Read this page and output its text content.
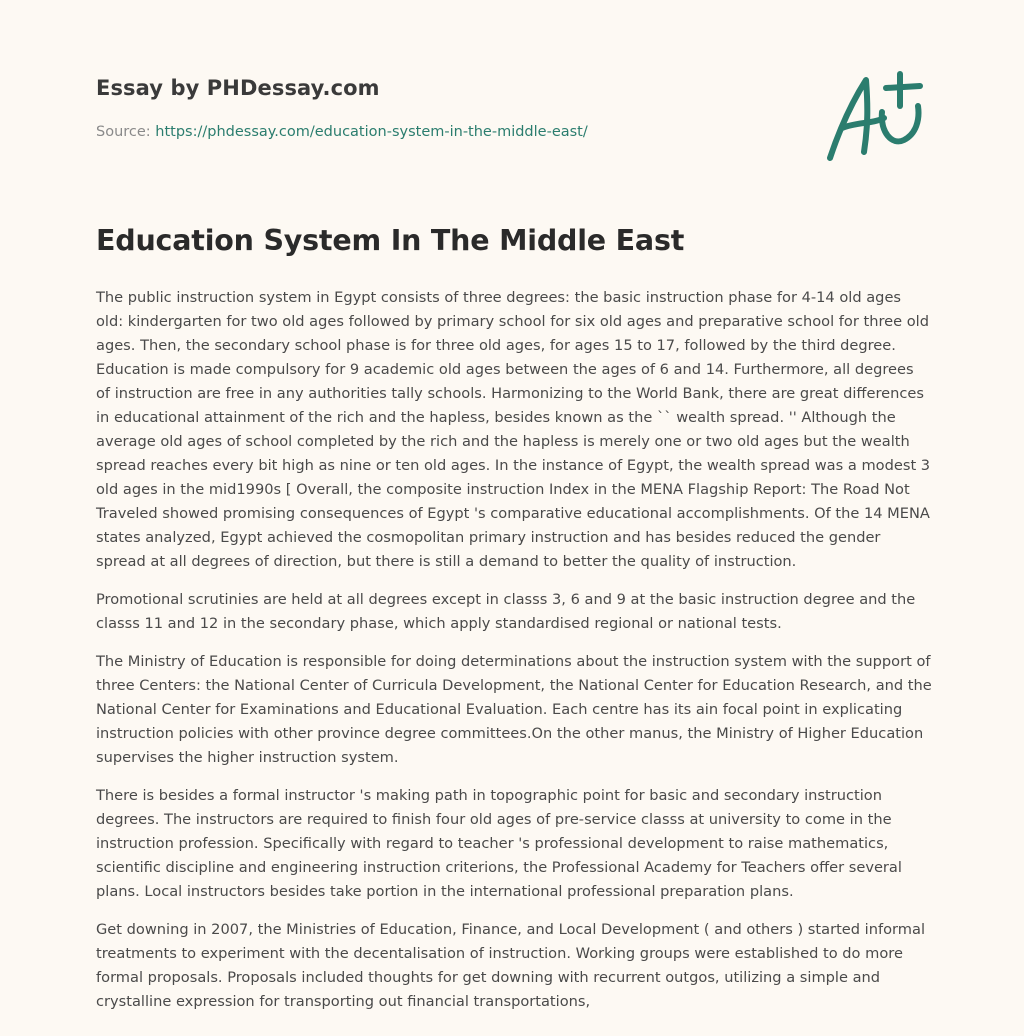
Essay by PHDessay.com
Source: https://phdessay.com/education-system-in-the-middle-east/
Education System In The Middle East

The public instruction system in Egypt consists of three degrees: the basic instruction phase for 4-14 old ages old: kindergarten for two old ages followed by primary school for six old ages and preparative school for three old ages. Then, the secondary school phase is for three old ages, for ages 15 to 17, followed by the third degree. Education is made compulsory for 9 academic old ages between the ages of 6 and 14. Furthermore, all degrees of instruction are free in any authorities tally schools. Harmonizing to the World Bank, there are great differences in educational attainment of the rich and the hapless, besides known as the `` wealth spread. '' Although the average old ages of school completed by the rich and the hapless is merely one or two old ages but the wealth spread reaches every bit high as nine or ten old ages. In the instance of Egypt, the wealth spread was a modest 3 old ages in the mid1990s [ Overall, the composite instruction Index in the MENA Flagship Report: The Road Not Traveled showed promising consequences of Egypt 's comparative educational accomplishments. Of the 14 MENA states analyzed, Egypt achieved the cosmopolitan primary instruction and has besides reduced the gender spread at all degrees of direction, but there is still a demand to better the quality of instruction.

Promotional scrutinies are held at all degrees except in classs 3, 6 and 9 at the basic instruction degree and the classs 11 and 12 in the secondary phase, which apply standardised regional or national tests.

The Ministry of Education is responsible for doing determinations about the instruction system with the support of three Centers: the National Center of Curricula Development, the National Center for Education Research, and the National Center for Examinations and Educational Evaluation. Each centre has its ain focal point in explicating instruction policies with other province degree committees.On the other manus, the Ministry of Higher Education supervises the higher instruction system.

There is besides a formal instructor 's making path in topographic point for basic and secondary instruction degrees. The instructors are required to finish four old ages of pre-service classs at university to come in the instruction profession. Specifically with regard to teacher 's professional development to raise mathematics, scientific discipline and engineering instruction criterions, the Professional Academy for Teachers offer several plans. Local instructors besides take portion in the international professional preparation plans.

Get downing in 2007, the Ministries of Education, Finance, and Local Development ( and others ) started informal treatments to experiment with the decentalisation of instruction. Working groups were established to do more formal proposals. Proposals included thoughts for get downing with recurrent outgos, utilizing a simple and crystalline expression for transporting out financial transportations,
